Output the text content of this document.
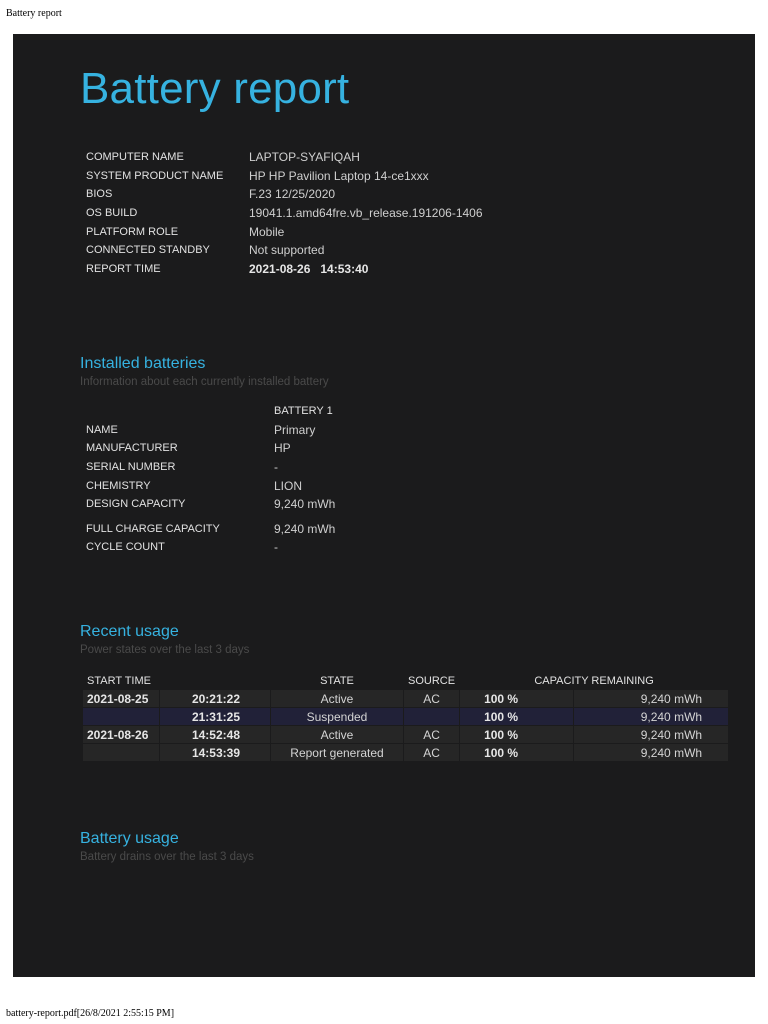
Battery report
Battery report
COMPUTER NAME	LAPTOP-SYAFIQAH
SYSTEM PRODUCT NAME	HP HP Pavilion Laptop 14-ce1xxx
BIOS	F.23 12/25/2020
OS BUILD	19041.1.amd64fre.vb_release.191206-1406
PLATFORM ROLE	Mobile
CONNECTED STANDBY	Not supported
REPORT TIME	2021-08-26   14:53:40
Installed batteries
Information about each currently installed battery
BATTERY 1
NAME	Primary
MANUFACTURER	HP
SERIAL NUMBER	-
CHEMISTRY	LION
DESIGN CAPACITY	9,240 mWh
FULL CHARGE CAPACITY	9,240 mWh
CYCLE COUNT	-
Recent usage
Power states over the last 3 days
START TIME		STATE	SOURCE	CAPACITY REMAINING	
2021-08-25	20:21:22	Active	AC	100 %	9,240 mWh
	21:31:25	Suspended		100 %	9,240 mWh
2021-08-26	14:52:48	Active	AC	100 %	9,240 mWh
	14:53:39	Report generated	AC	100 %	9,240 mWh
Battery usage
Battery drains over the last 3 days
battery-report.pdf[26/8/2021 2:55:15 PM]
